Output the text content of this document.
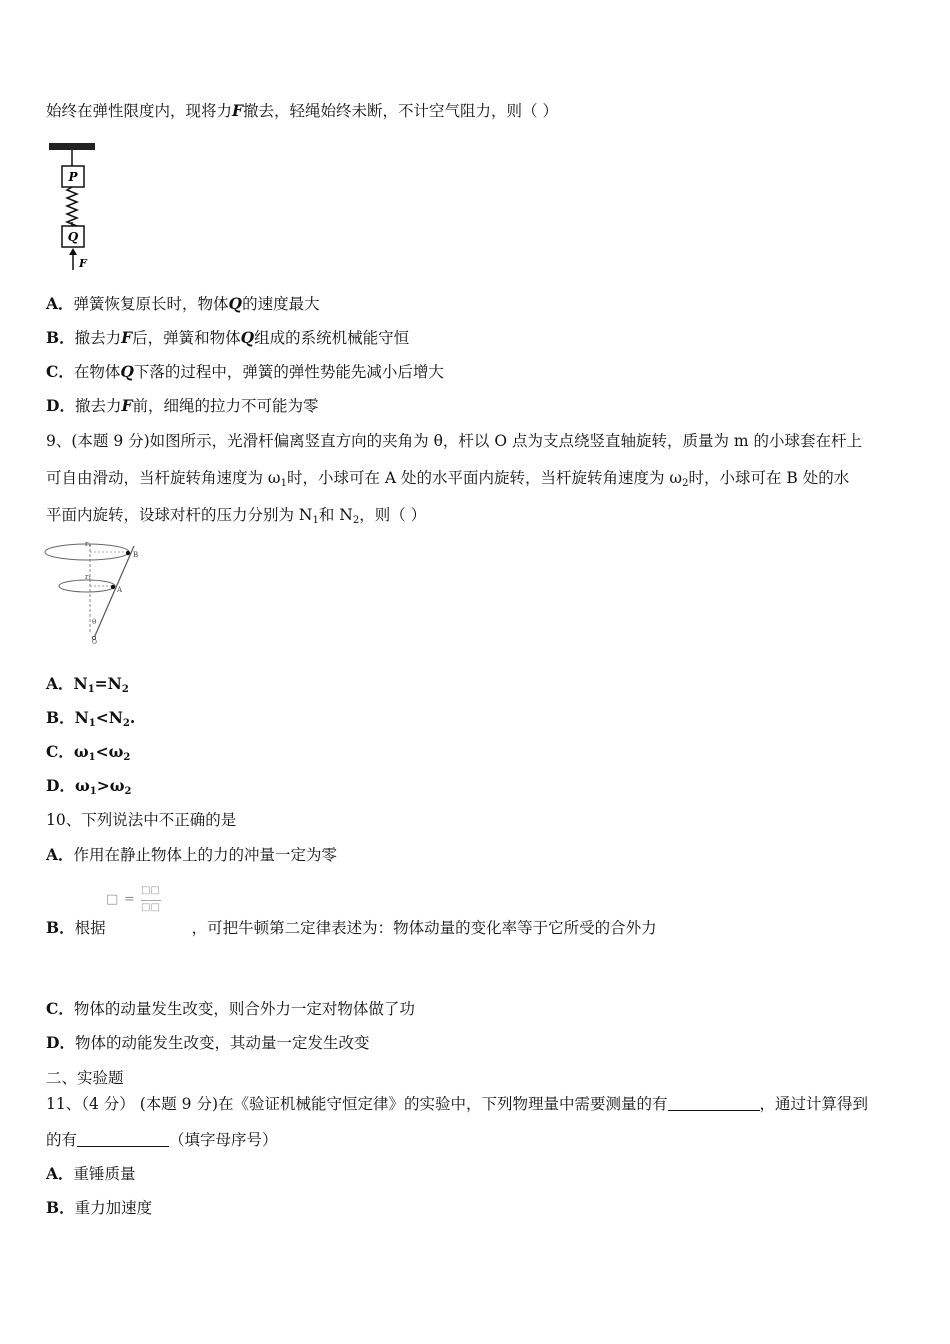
始终在弹性限度内，现将力F撤去，轻绳始终未断，不计空气阻力，则（ ）
P
Q
F
A．弹簧恢复原长时，物体Q的速度最大
B．撤去力F后，弹簧和物体Q组成的系统机械能守恒
C．在物体Q下落的过程中，弹簧的弹性势能先减小后增大
D．撤去力F前，细绳的拉力不可能为零
9、(本题 9 分)如图所示，光滑杆偏离竖直方向的夹角为 θ，杆以 O 点为支点绕竖直轴旋转，质量为 m 的小球套在杆上
可自由滑动，当杆旋转角速度为 $\omega_1$时，小球可在 A 处的水平面内旋转，当杆旋转角速度为 $\omega_2$时，小球可在 B 处的水
平面内旋转，设球对杆的压力分别为 $N_1$和 $N_2$，则（ ）
r₂
r₁
B
A
θ
O
A．$N_1=N_2$
B．$N_1<N_2$.
C．$\omega_1<\omega_2$
D．$\omega_1>\omega_2$
10、下列说法中不正确的是
A．作用在静止物体上的力的冲量一定为零
□ =
□□
□□
B．根据	，可把牛顿第二定律表述为：物体动量的变化率等于它所受的合外力
C．物体的动量发生改变，则合外力一定对物体做了功
D．物体的动能发生改变，其动量一定发生改变
二、实验题
11、（4 分） (本题 9 分)在《验证机械能守恒定律》的实验中，下列物理量中需要测量的有	，通过计算得到
的有	（填字母序号）
A．重锤质量
B．重力加速度
